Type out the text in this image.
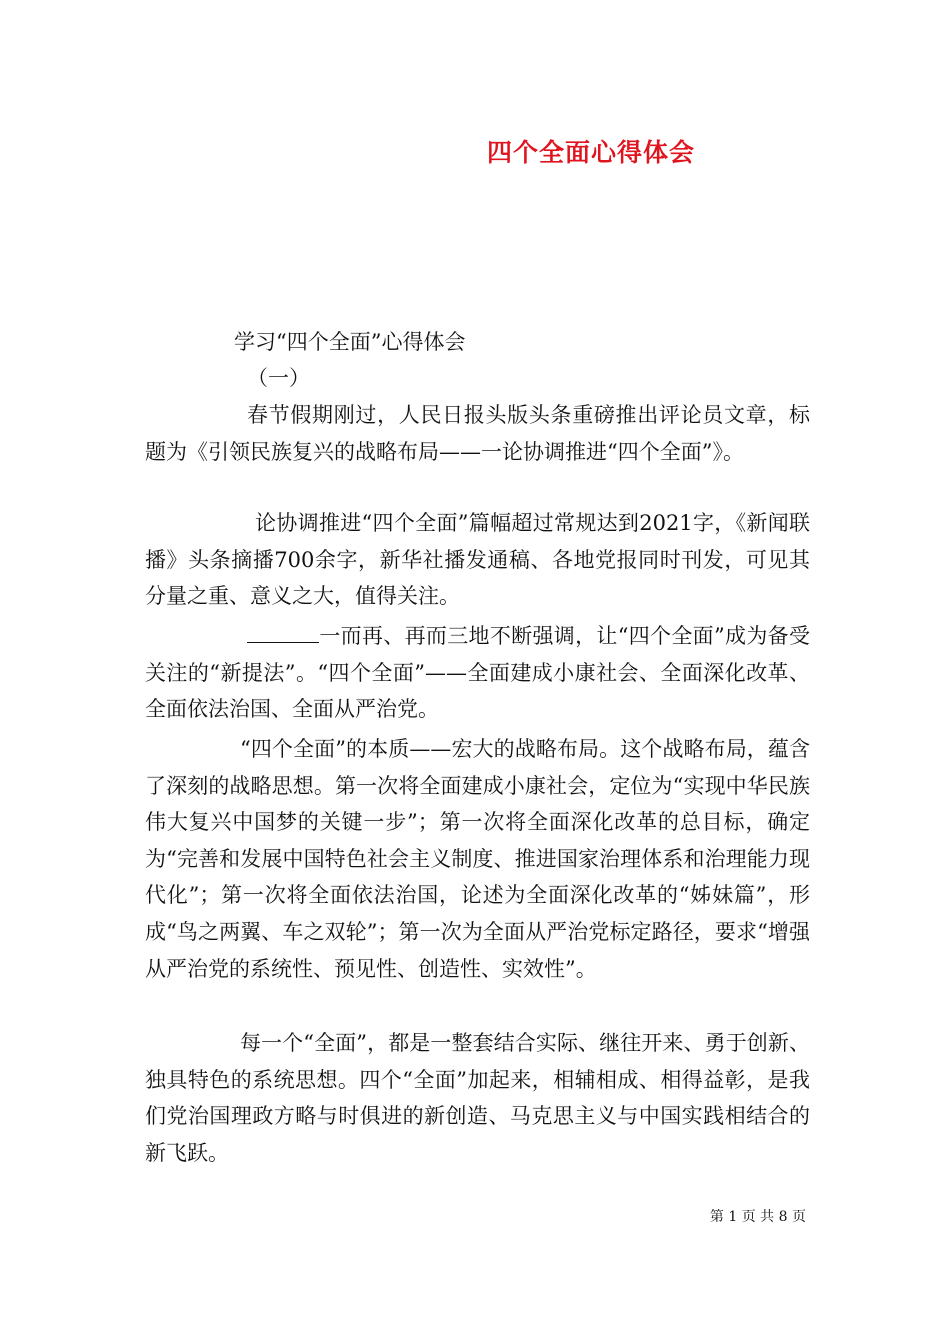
四个全面心得体会
学习“四个全面”心得体会
（一）

春节假期刚过，人民日报头版头条重磅推出评论员文章，标题为《引领民族复兴的战略布局——一论协调推进“四个全面”》。

论协调推进“四个全面”篇幅超过常规达到2021字，《新闻联播》头条摘播700余字，新华社播发通稿、各地党报同时刊发，可见其分量之重、意义之大，值得关注。

一而再、再而三地不断强调，让“四个全面”成为备受关注的“新提法”。“四个全面”——全面建成小康社会、全面深化改革、全面依法治国、全面从严治党。

“四个全面”的本质——宏大的战略布局。这个战略布局，蕴含了深刻的战略思想。第一次将全面建成小康社会，定位为“实现中华民族伟大复兴中国梦的关键一步”；第一次将全面深化改革的总目标，确定为“完善和发展中国特色社会主义制度、推进国家治理体系和治理能力现代化”；第一次将全面依法治国，论述为全面深化改革的“姊妹篇”，形成“鸟之两翼、车之双轮”；第一次为全面从严治党标定路径，要求“增强从严治党的系统性、预见性、创造性、实效性”。

每一个“全面”，都是一整套结合实际、继往开来、勇于创新、独具特色的系统思想。四个“全面”加起来，相辅相成、相得益彰，是我们党治国理政方略与时俱进的新创造、马克思主义与中国实践相结合的新飞跃。

第 1 页 共 8 页
